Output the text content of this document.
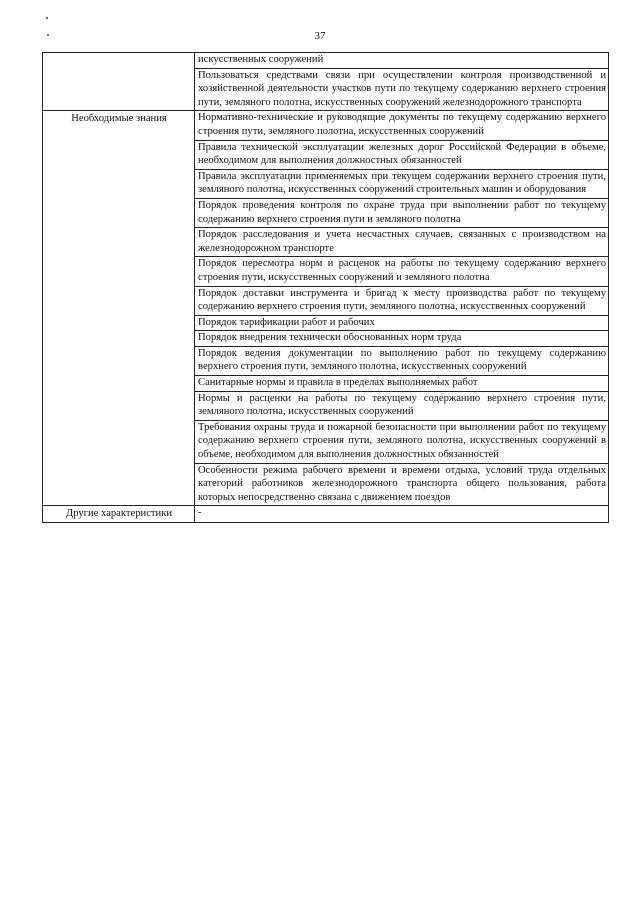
37
	искусственных сооружений
	Пользоваться средствами связи при осуществлении контроля производственной и хозяйственной деятельности участков пути по текущему содержанию верхнего строения пути, земляного полотна, искусственных сооружений железнодорожного транспорта
Необходимые знания	Нормативно-технические и руководящие документы по текущему содержанию верхнего строения пути, земляного полотна, искусственных сооружений
	Правила технической эксплуатации железных дорог Российской Федерации в объеме, необходимом для выполнения должностных обязанностей
	Правила эксплуатации применяемых при текущем содержании верхнего строения пути, земляного полотна, искусственных сооружений строительных машин и оборудования
	Порядок проведения контроля по охране труда при выполнении работ по текущему содержанию верхнего строения пути и земляного полотна
	Порядок расследования и учета несчастных случаев, связанных с производством на железнодорожном транспорте
	Порядок пересмотра норм и расценок на работы по текущему содержанию верхнего строения пути, искусственных сооружений и земляного полотна
	Порядок доставки инструмента и бригад к месту производства работ по текущему содержанию верхнего строения пути, земляного полотна, искусственных сооружений
	Порядок тарификации работ и рабочих
	Порядок внедрения технически обоснованных норм труда
	Порядок ведения документации по выполнению работ по текущему содержанию верхнего строения пути, земляного полотна, искусственных сооружений
	Санитарные нормы и правила в пределах выполняемых работ
	Нормы и расценки на работы по текущему содержанию верхнего строения пути, земляного полотна, искусственных сооружений
	Требования охраны труда и пожарной безопасности при выполнении работ по текущему содержанию верхнего строения пути, земляного полотна, искусственных сооружений в объеме, необходимом для выполнения должностных обязанностей
	Особенности режима рабочего времени и времени отдыха, условий труда отдельных категорий работников железнодорожного транспорта общего пользования, работа которых непосредственно связана с движением поездов
Другие характеристики	-
